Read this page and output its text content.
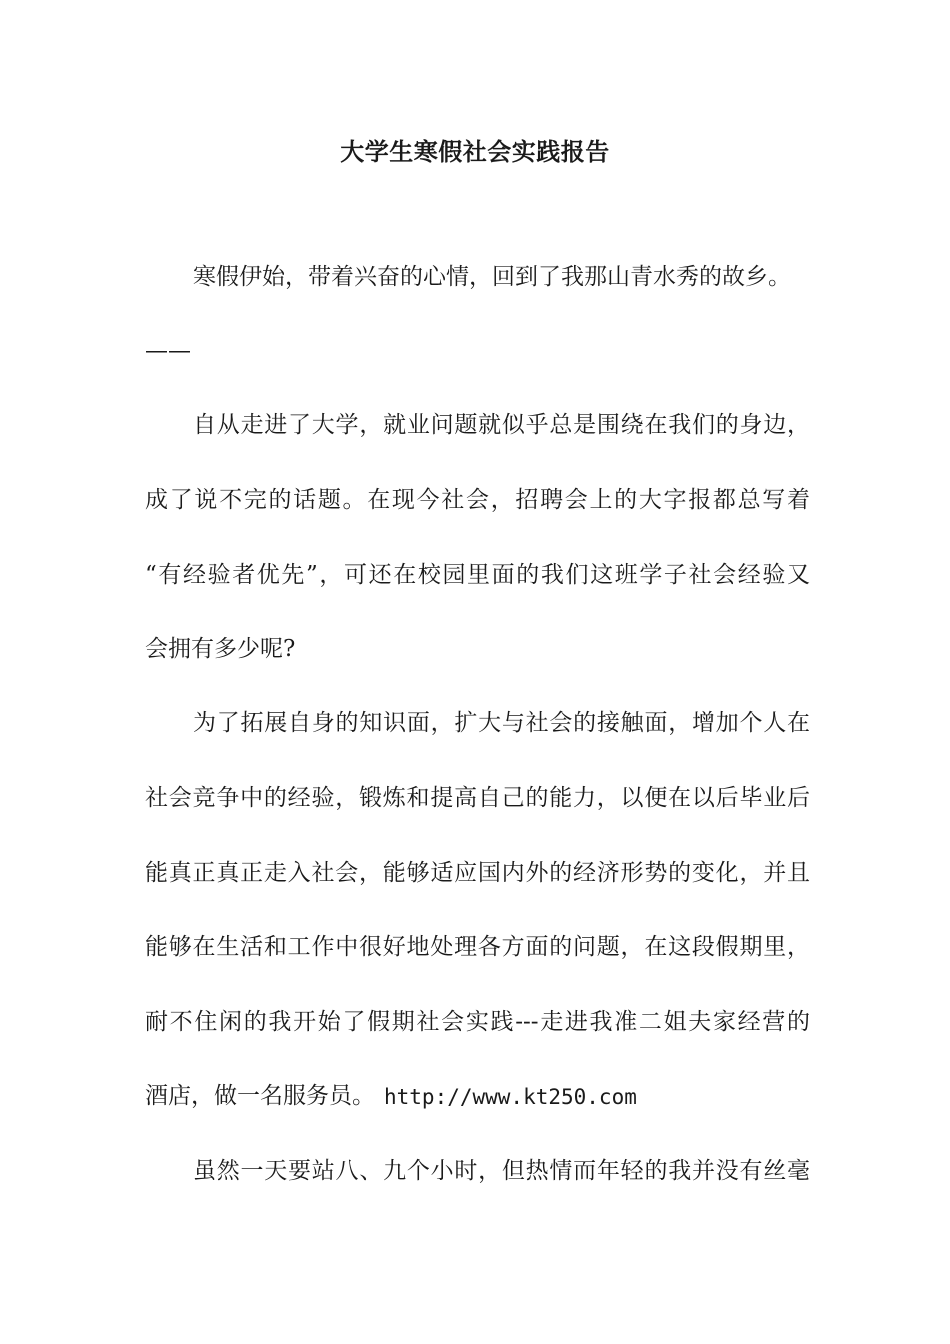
大学生寒假社会实践报告
寒假伊始，带着兴奋的心情，回到了我那山青水秀的故乡。
——
自从走进了大学，就业问题就似乎总是围绕在我们的身边，
成了说不完的话题。在现今社会，招聘会上的大字报都总写着
“有经验者优先”，可还在校园里面的我们这班学子社会经验又
会拥有多少呢?
为了拓展自身的知识面，扩大与社会的接触面，增加个人在
社会竞争中的经验，锻炼和提高自己的能力，以便在以后毕业后
能真正真正走入社会，能够适应国内外的经济形势的变化，并且
能够在生活和工作中很好地处理各方面的问题，在这段假期里，
耐不住闲的我开始了假期社会实践---走进我准二姐夫家经营的
酒店，做一名服务员。 http://www.kt250.com
虽然一天要站八、九个小时，但热情而年轻的我并没有丝毫
